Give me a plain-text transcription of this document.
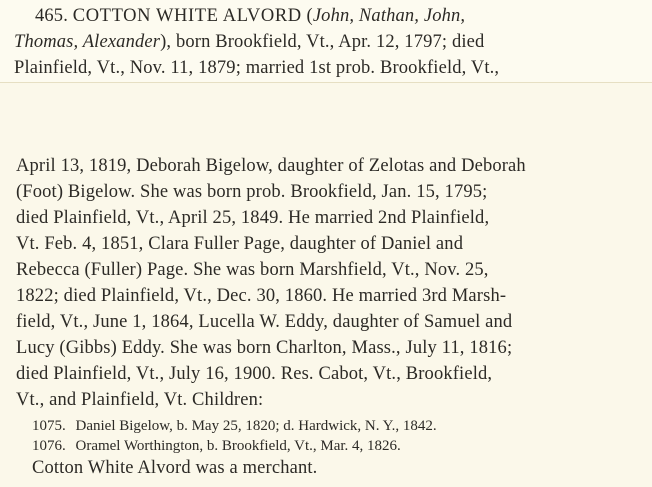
465. COTTON WHITE ALVORD (John, Nathan, John,
Thomas, Alexander), born Brookfield, Vt., Apr. 12, 1797; died
Plainfield, Vt., Nov. 11, 1879; married 1st prob. Brookfield, Vt.,
April 13, 1819, Deborah Bigelow, daughter of Zelotas and Deborah
(Foot) Bigelow. She was born prob. Brookfield, Jan. 15, 1795;
died Plainfield, Vt., April 25, 1849. He married 2nd Plainfield,
Vt. Feb. 4, 1851, Clara Fuller Page, daughter of Daniel and
Rebecca (Fuller) Page. She was born Marshfield, Vt., Nov. 25,
1822; died Plainfield, Vt., Dec. 30, 1860. He married 3rd Marsh-
field, Vt., June 1, 1864, Lucella W. Eddy, daughter of Samuel and
Lucy (Gibbs) Eddy. She was born Charlton, Mass., July 11, 1816;
died Plainfield, Vt., July 16, 1900. Res. Cabot, Vt., Brookfield,
Vt., and Plainfield, Vt. Children:
1075. Daniel Bigelow, b. May 25, 1820; d. Hardwick, N. Y., 1842.
1076. Oramel Worthington, b. Brookfield, Vt., Mar. 4, 1826.
Cotton White Alvord was a merchant.
